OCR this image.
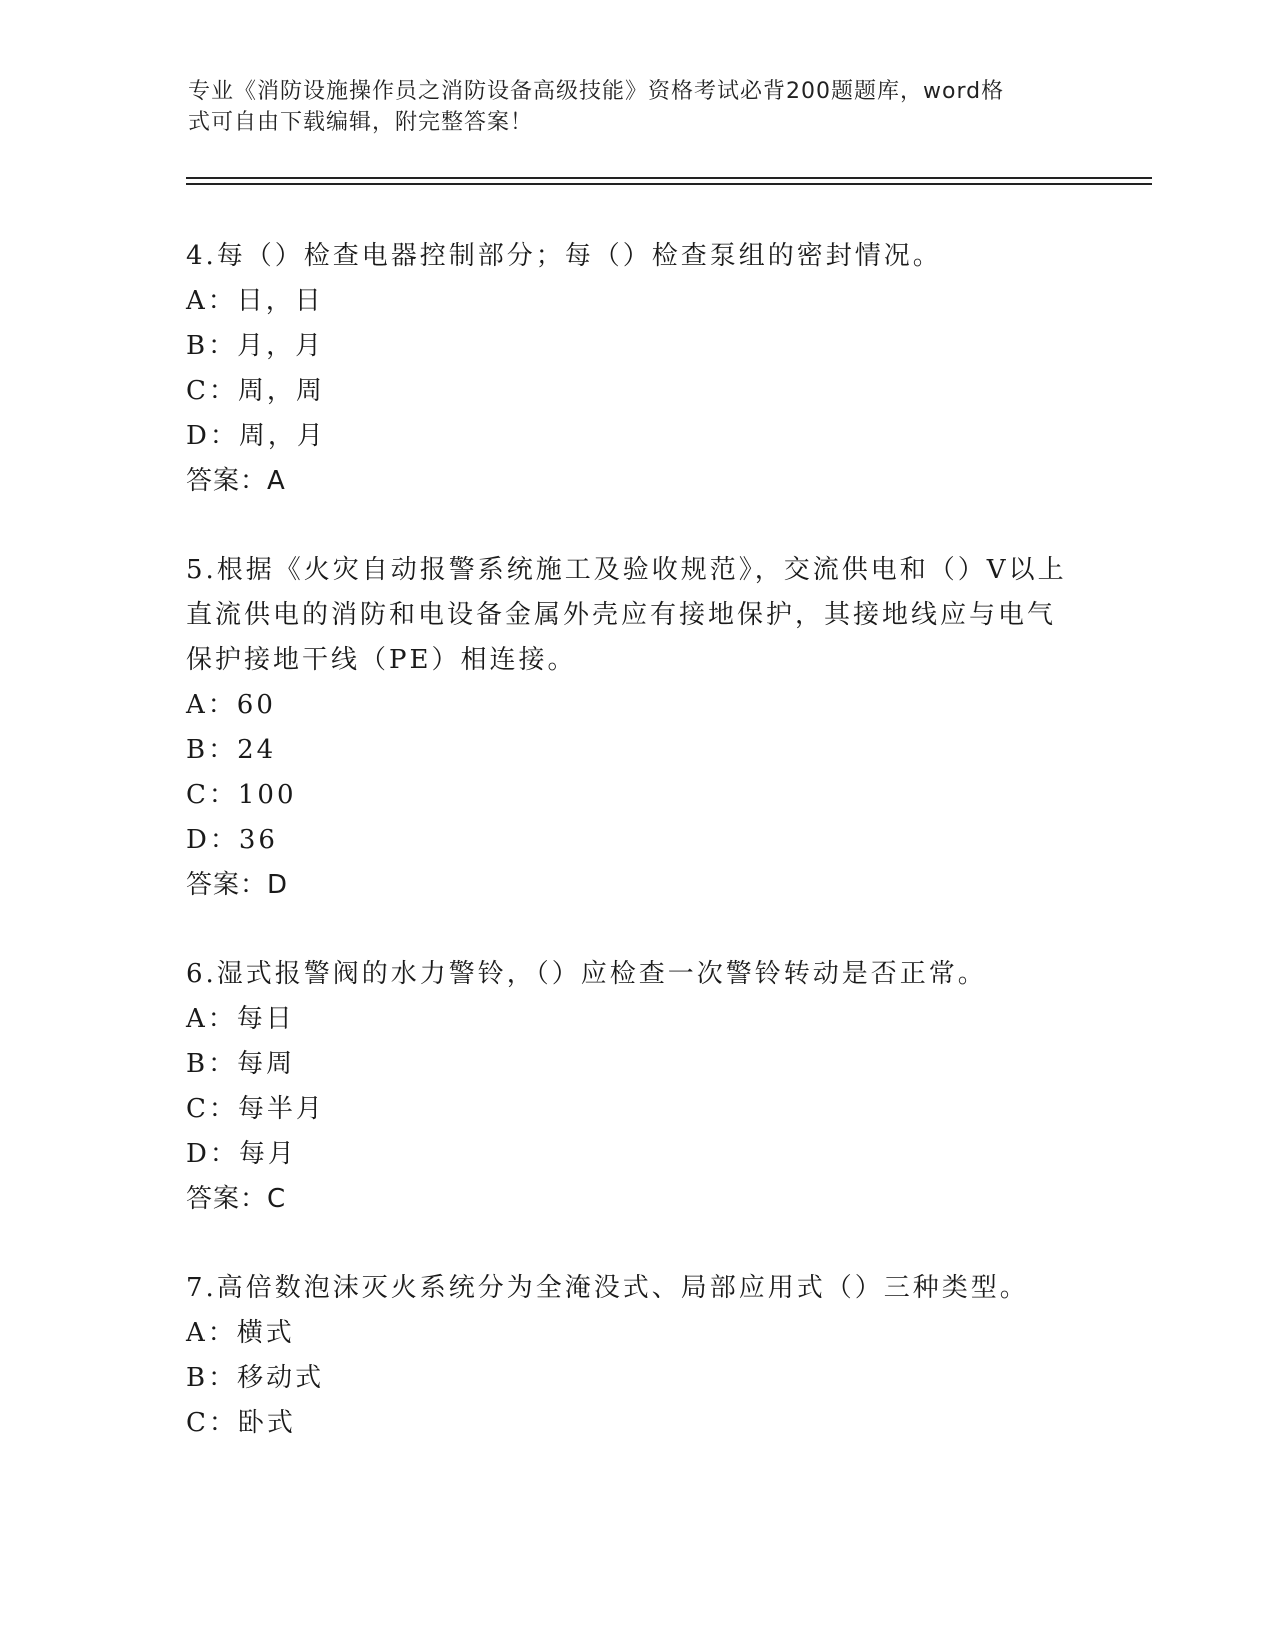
专业《消防设施操作员之消防设备高级技能》资格考试必背200题题库，word格
式可自由下载编辑，附完整答案！
4.每（）检查电器控制部分；每（）检查泵组的密封情况。
A：日，日
B：月，月
C：周，周
D：周，月
答案：A
5.根据《火灾自动报警系统施工及验收规范》，交流供电和（）V以上
直流供电的消防和电设备金属外壳应有接地保护，其接地线应与电气
保护接地干线（PE）相连接。
A：60
B：24
C：100
D：36
答案：D
6.湿式报警阀的水力警铃，（）应检查一次警铃转动是否正常。
A：每日
B：每周
C：每半月
D：每月
答案：C
7.高倍数泡沫灭火系统分为全淹没式、局部应用式（）三种类型。
A：横式
B：移动式
C：卧式
